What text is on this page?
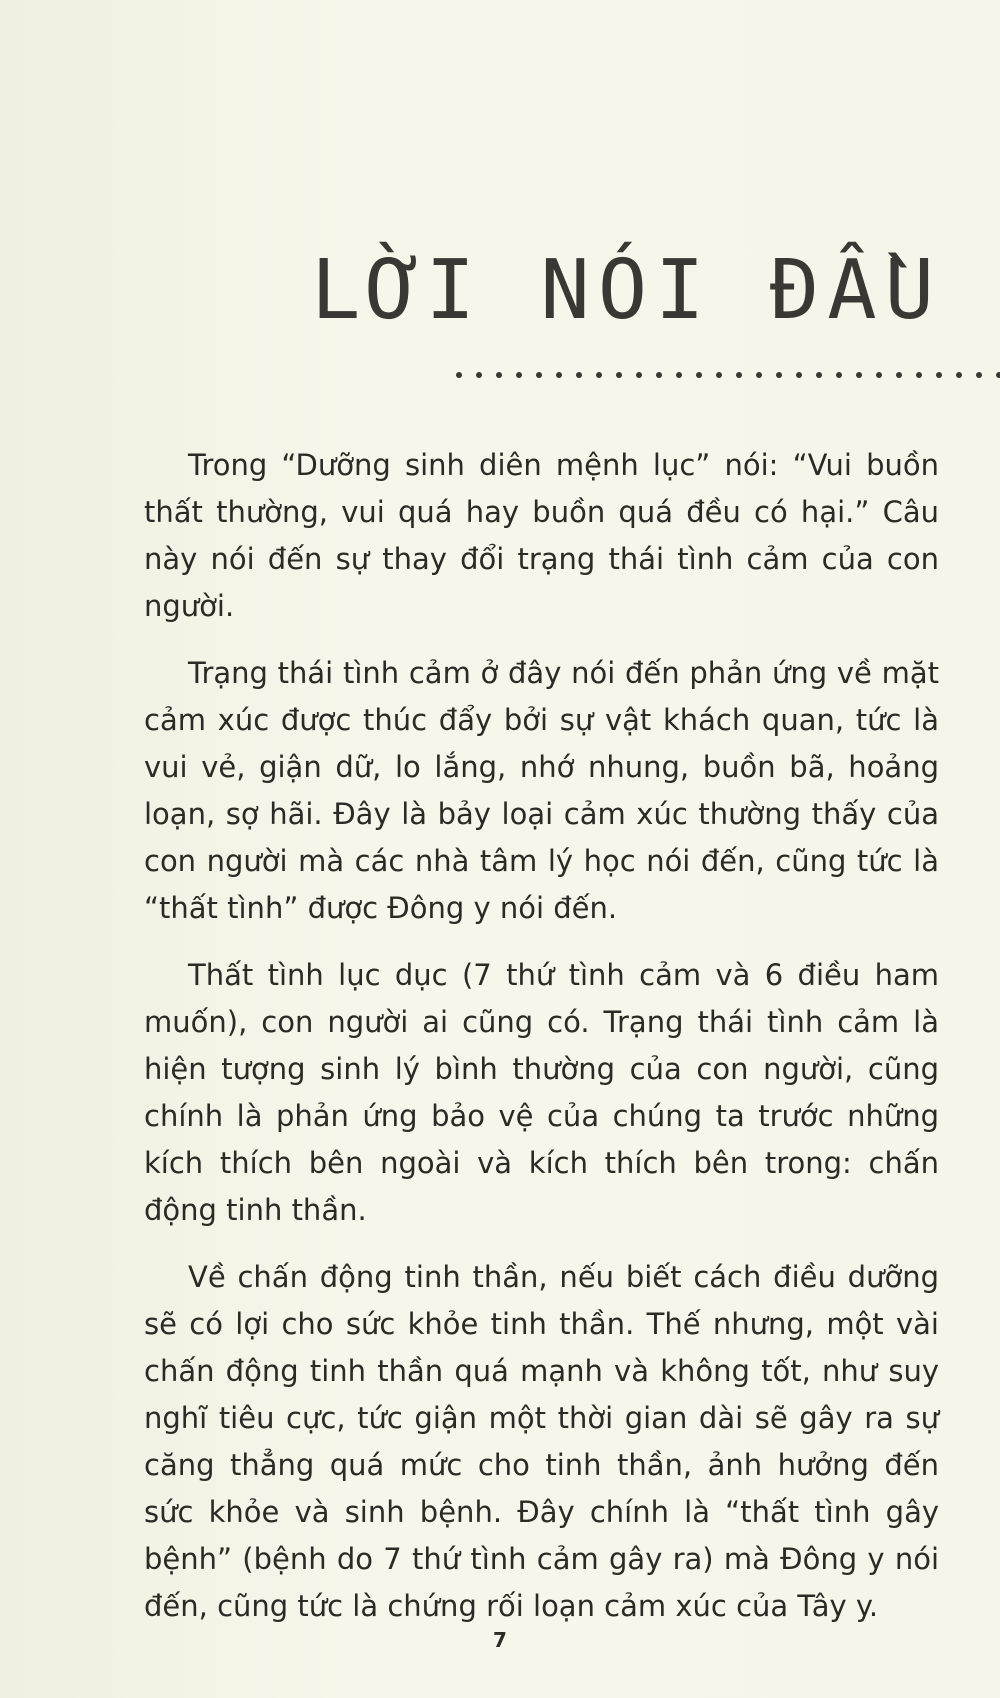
LỜI NÓI ĐẦU

Trong “Dưỡng sinh diên mệnh lục” nói: “Vui buồn thất thường, vui quá hay buồn quá đều có hại.” Câu này nói đến sự thay đổi trạng thái tình cảm của con người.

Trạng thái tình cảm ở đây nói đến phản ứng về mặt cảm xúc được thúc đẩy bởi sự vật khách quan, tức là vui vẻ, giận dữ, lo lắng, nhớ nhung, buồn bã, hoảng loạn, sợ hãi. Đây là bảy loại cảm xúc thường thấy của con người mà các nhà tâm lý học nói đến, cũng tức là “thất tình” được Đông y nói đến.

Thất tình lục dục (7 thứ tình cảm và 6 điều ham muốn), con người ai cũng có. Trạng thái tình cảm là hiện tượng sinh lý bình thường của con người, cũng chính là phản ứng bảo vệ của chúng ta trước những kích thích bên ngoài và kích thích bên trong: chấn động tinh thần.

Về chấn động tinh thần, nếu biết cách điều dưỡng sẽ có lợi cho sức khỏe tinh thần. Thế nhưng, một vài chấn động tinh thần quá mạnh và không tốt, như suy nghĩ tiêu cực, tức giận một thời gian dài sẽ gây ra sự căng thẳng quá mức cho tinh thần, ảnh hưởng đến sức khỏe và sinh bệnh. Đây chính là “thất tình gây bệnh” (bệnh do 7 thứ tình cảm gây ra) mà Đông y nói đến, cũng tức là chứng rối loạn cảm xúc của Tây y.

7
